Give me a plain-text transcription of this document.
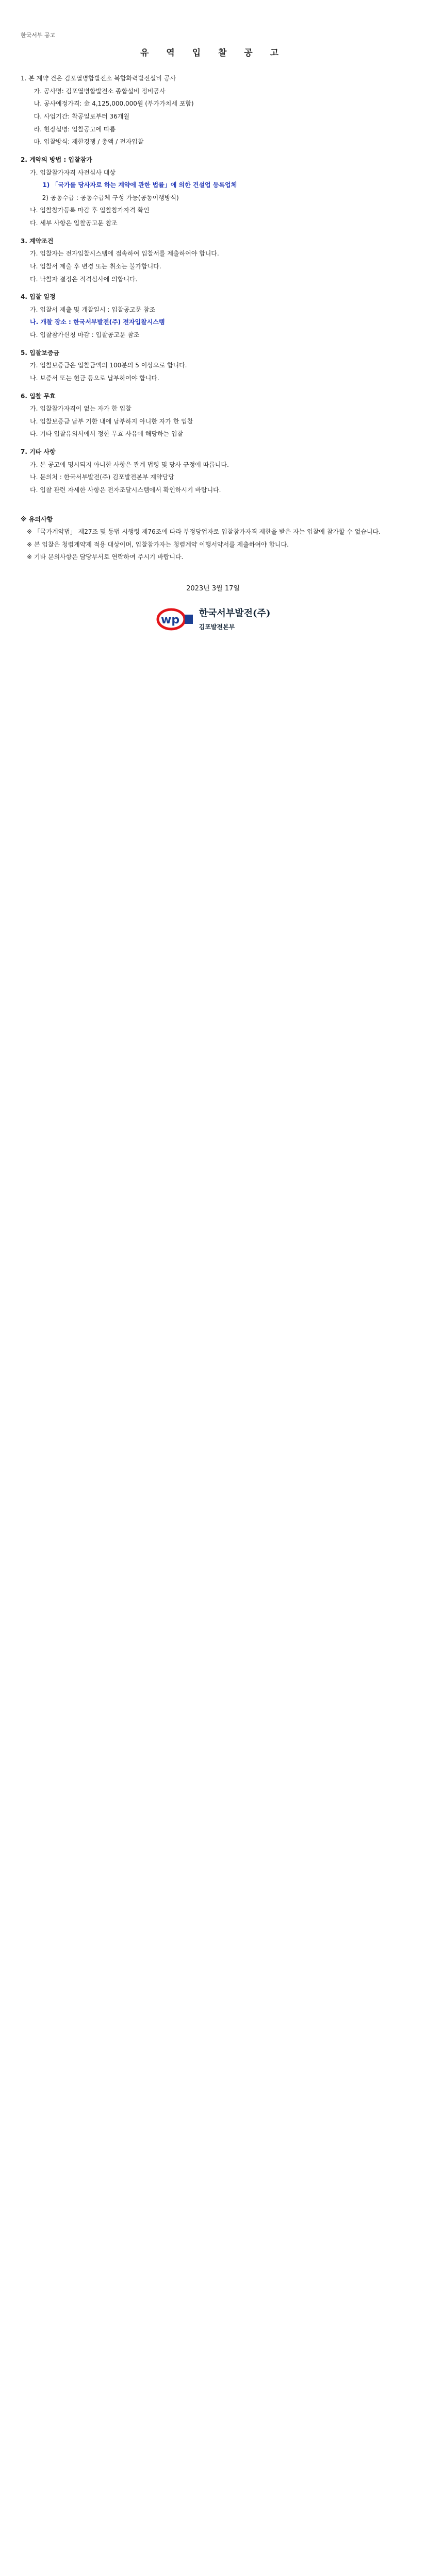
한국서부 공고
유 역 입 찰 공 고

1. 본 계약 건은 김포열병합발전소 복합화력발전설비 공사

가. 공사명: 김포열병합발전소 종합설비 정비공사

나. 공사예정가격: 金 4,125,000,000원 (부가가치세 포함)

다. 사업기간: 착공일로부터 36개월

라. 현장설명: 입찰공고에 따름

마. 입찰방식: 제한경쟁 / 총액 / 전자입찰

2. 계약의 방법 : 입찰참가

가. 입찰참가자격 사전심사 대상

1) 「국가를 당사자로 하는 계약에 관한 법률」에 의한 건설업 등록업체

2) 공동수급 : 공동수급체 구성 가능(공동이행방식)

나. 입찰참가등록 마감 후 입찰참가자격 확인

다. 세부 사항은 입찰공고문 참조

3. 계약조건

가. 입찰자는 전자입찰시스템에 접속하여 입찰서를 제출하여야 합니다.

나. 입찰서 제출 후 변경 또는 취소는 불가합니다.

다. 낙찰자 결정은 적격심사에 의합니다.

4. 입찰 일정

가. 입찰서 제출 및 개찰일시 : 입찰공고문 참조

나. 개찰 장소 : 한국서부발전(주) 전자입찰시스템

다. 입찰참가신청 마감 : 입찰공고문 참조

5. 입찰보증금

가. 입찰보증금은 입찰금액의 100분의 5 이상으로 합니다.

나. 보증서 또는 현금 등으로 납부하여야 합니다.

6. 입찰 무효

가. 입찰참가자격이 없는 자가 한 입찰

나. 입찰보증금 납부 기한 내에 납부하지 아니한 자가 한 입찰

다. 기타 입찰유의서에서 정한 무효 사유에 해당하는 입찰

7. 기타 사항

가. 본 공고에 명시되지 아니한 사항은 관계 법령 및 당사 규정에 따릅니다.

나. 문의처 : 한국서부발전(주) 김포발전본부 계약담당

다. 입찰 관련 자세한 사항은 전자조달시스템에서 확인하시기 바랍니다.

※ 유의사항

※ 「국가계약법」 제27조 및 동법 시행령 제76조에 따라 부정당업자로 입찰참가자격 제한을 받은 자는 입찰에 참가할 수 없습니다.

※ 본 입찰은 청렴계약제 적용 대상이며, 입찰참가자는 청렴계약 이행서약서를 제출하여야 합니다.

※ 기타 문의사항은 담당부서로 연락하여 주시기 바랍니다.

2023년 3월 17일
wp
한국서부발전(주)
김포발전본부
